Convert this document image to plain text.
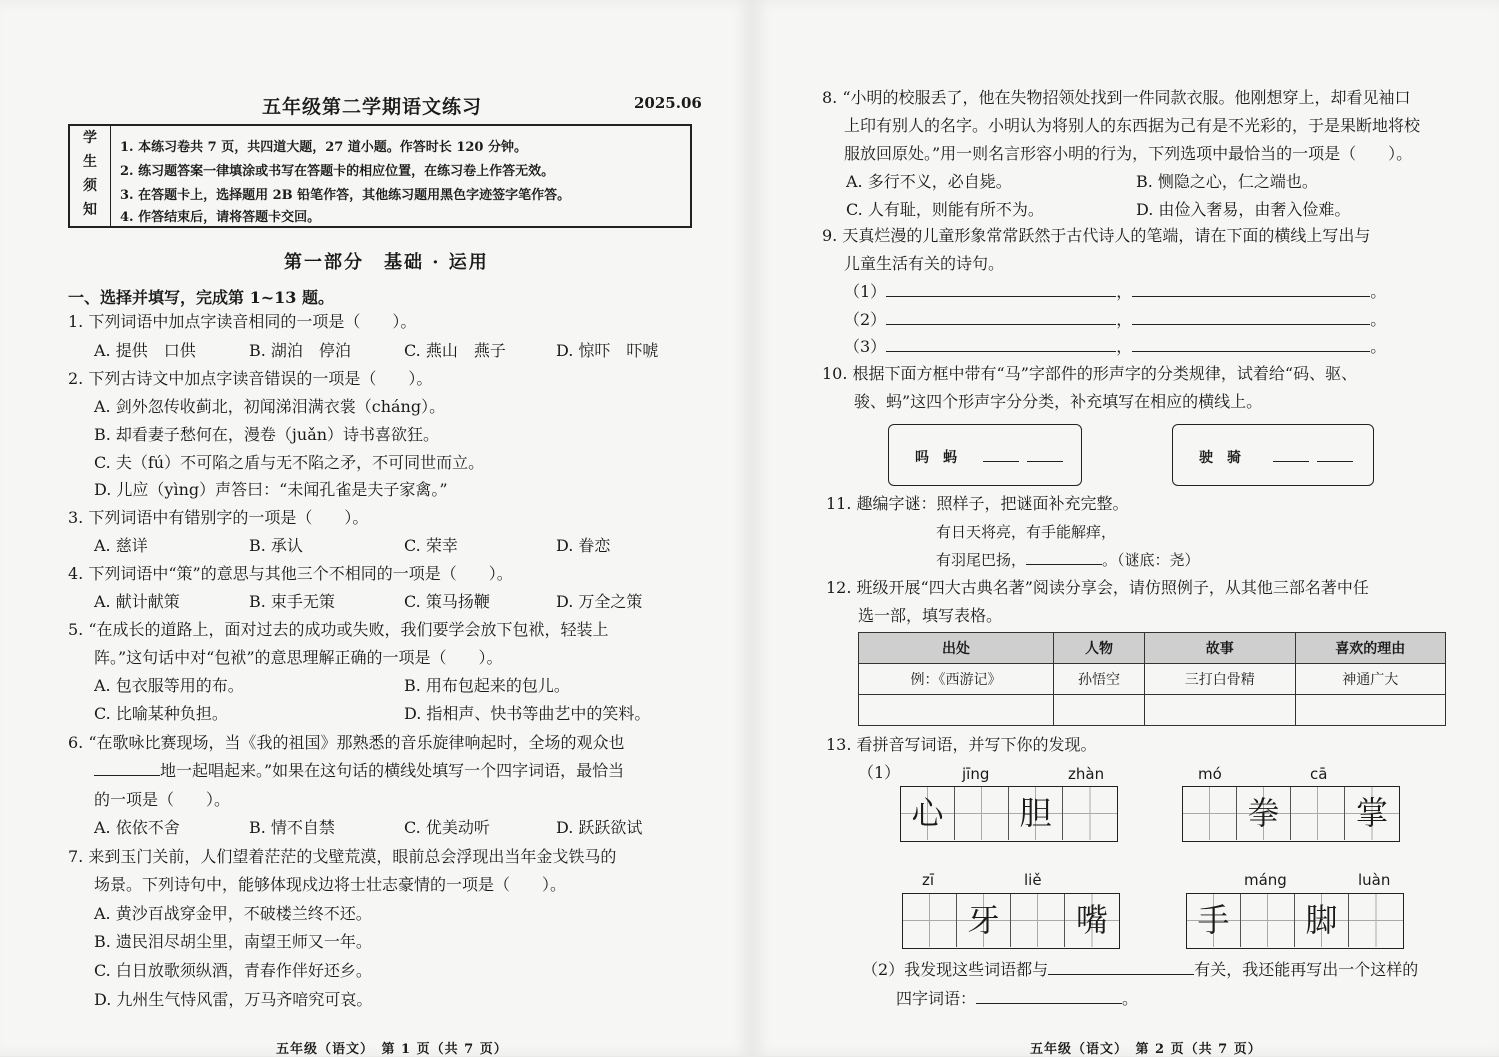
五年级第二学期语文练习	2025.06
学
生
须
知
1. 本练习卷共 7 页，共四道大题，27 道小题。作答时长 120 分钟。
2. 练习题答案一律填涂或书写在答题卡的相应位置，在练习卷上作答无效。
3. 在答题卡上，选择题用 2B 铅笔作答，其他练习题用黑色字迹签字笔作答。
4. 作答结束后，请将答题卡交回。
第一部分　基础 · 运用
一、选择并填写，完成第 1~13 题。
1. 下列词语中加点字读音相同的一项是（　　）。
A. 提供　口供	B. 湖泊　停泊	C. 燕山　燕子	D. 惊吓　吓唬
2. 下列古诗文中加点字读音错误的一项是（　　）。
A. 剑外忽传收蓟北，初闻涕泪满衣裳（cháng）。
B. 却看妻子愁何在，漫卷（juǎn）诗书喜欲狂。
C. 夫（fú）不可陷之盾与无不陷之矛，不可同世而立。
D. 儿应（yìng）声答曰：“未闻孔雀是夫子家禽。”
3. 下列词语中有错别字的一项是（　　）。
A. 慈详	B. 承认	C. 荣幸	D. 眷恋
4. 下列词语中“策”的意思与其他三个不相同的一项是（　　）。
A. 献计献策	B. 束手无策	C. 策马扬鞭	D. 万全之策
5. “在成长的道路上，面对过去的成功或失败，我们要学会放下包袱，轻装上
阵。”这句话中对“包袱”的意思理解正确的一项是（　　）。
A. 包衣服等用的布。	B. 用布包起来的包儿。
C. 比喻某种负担。	D. 指相声、快书等曲艺中的笑料。
6. “在歌咏比赛现场，当《我的祖国》那熟悉的音乐旋律响起时，全场的观众也
地一起唱起来。”如果在这句话的横线处填写一个四字词语，最恰当
的一项是（　　）。
A. 依依不舍	B. 情不自禁	C. 优美动听	D. 跃跃欲试
7. 来到玉门关前，人们望着茫茫的戈壁荒漠，眼前总会浮现出当年金戈铁马的
场景。下列诗句中，能够体现戍边将士壮志豪情的一项是（　　）。
A. 黄沙百战穿金甲，不破楼兰终不还。
B. 遗民泪尽胡尘里，南望王师又一年。
C. 白日放歌须纵酒，青春作伴好还乡。
D. 九州生气恃风雷，万马齐喑究可哀。
五年级（语文）　第 1 页（共 7 页）
8. “小明的校服丢了，他在失物招领处找到一件同款衣服。他刚想穿上，却看见袖口
上印有别人的名字。小明认为将别人的东西据为己有是不光彩的，于是果断地将校
服放回原处。”用一则名言形容小明的行为，下列选项中最恰当的一项是（　　）。
A. 多行不义，必自毙。	B. 恻隐之心，仁之端也。
C. 人有耻，则能有所不为。	D. 由俭入奢易，由奢入俭难。
9. 天真烂漫的儿童形象常常跃然于古代诗人的笔端，请在下面的横线上写出与
儿童生活有关的诗句。
（1）	，	。
（2）	，	。
（3）	，	。
10. 根据下面方框中带有“马”字部件的形声字的分类规律，试着给“码、驱、
骏、蚂”这四个形声字分分类，补充填写在相应的横线上。
吗　蚂	驶　骑
11. 趣编字谜：照样子，把谜面补充完整。
有日天将亮，有手能解痒，
有羽尾巴扬，	。（谜底：尧）
12. 班级开展“四大古典名著”阅读分享会，请仿照例子，从其他三部名著中任
选一部，填写表格。
出处	人物	故事	喜欢的理由
例：《西游记》	孙悟空	三打白骨精	神通广大

13. 看拼音写词语，并写下你的发现。
（1）	jīng	zhàn	mó	cā
心	胆	拳	掌
zī	liě	máng	luàn
牙	嘴	手	脚
（2）我发现这些词语都与	有关，我还能再写出一个这样的
四字词语：	。
五年级（语文）　第 2 页（共 7 页）
